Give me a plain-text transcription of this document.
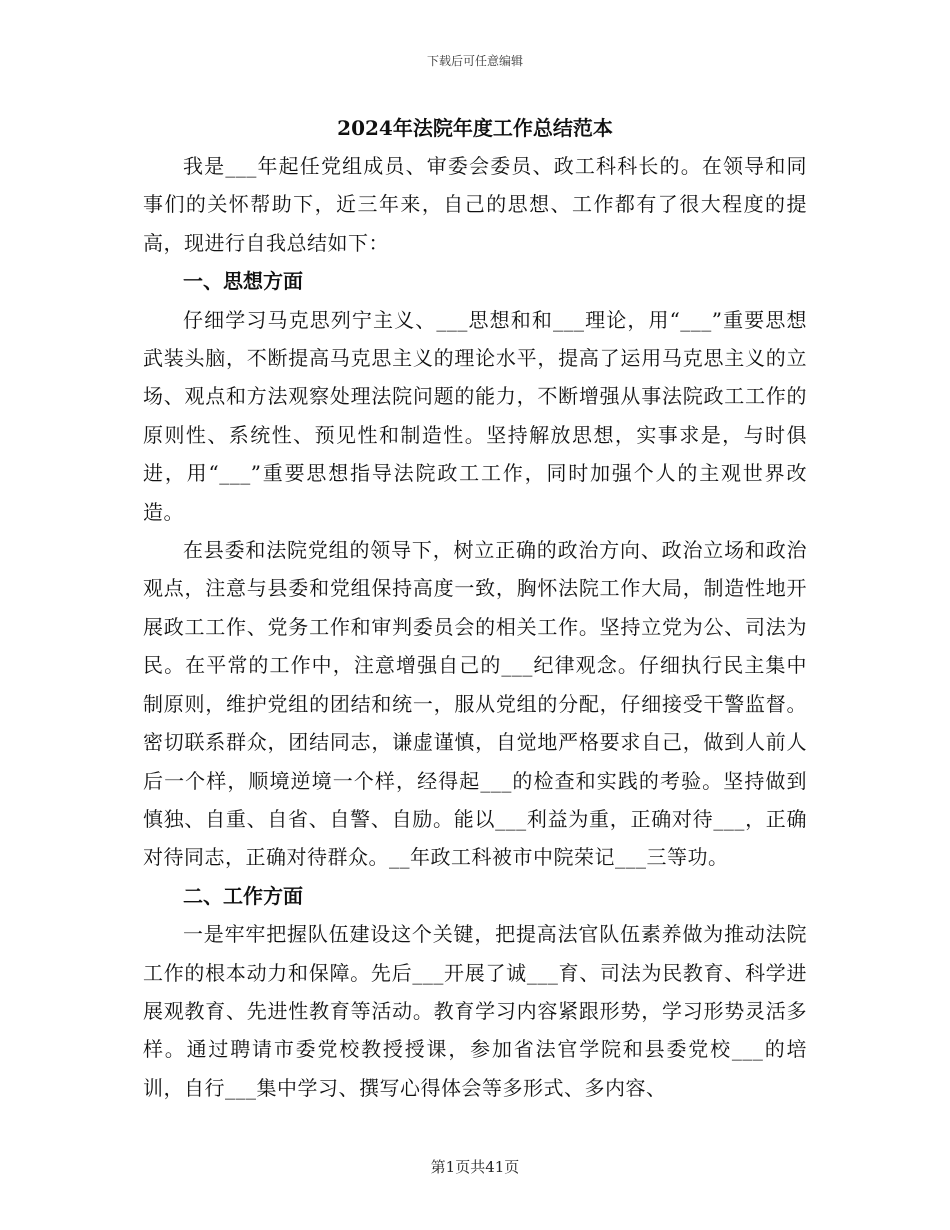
下载后可任意编辑
2024年法院年度工作总结范本

我是___年起任党组成员、审委会委员、政工科科长的。在领导和同事们的关怀帮助下，近三年来，自己的思想、工作都有了很大程度的提高，现进行自我总结如下：

一、思想方面

仔细学习马克思列宁主义、___思想和和___理论，用“___”重要思想武装头脑，不断提高马克思主义的理论水平，提高了运用马克思主义的立场、观点和方法观察处理法院问题的能力，不断增强从事法院政工工作的原则性、系统性、预见性和制造性。坚持解放思想，实事求是，与时俱进，用“___”重要思想指导法院政工工作，同时加强个人的主观世界改造。

在县委和法院党组的领导下，树立正确的政治方向、政治立场和政治观点，注意与县委和党组保持高度一致，胸怀法院工作大局，制造性地开展政工工作、党务工作和审判委员会的相关工作。坚持立党为公、司法为民。在平常的工作中，注意增强自己的___纪律观念。仔细执行民主集中制原则，维护党组的团结和统一，服从党组的分配，仔细接受干警监督。密切联系群众，团结同志，谦虚谨慎，自觉地严格要求自己，做到人前人后一个样，顺境逆境一个样，经得起___的检查和实践的考验。坚持做到慎独、自重、自省、自警、自励。能以___利益为重，正确对待___，正确对待同志，正确对待群众。__年政工科被市中院荣记___三等功。

二、工作方面

一是牢牢把握队伍建设这个关键，把提高法官队伍素养做为推动法院工作的根本动力和保障。先后___开展了诚___育、司法为民教育、科学进展观教育、先进性教育等活动。教育学习内容紧跟形势，学习形势灵活多样。通过聘请市委党校教授授课，参加省法官学院和县委党校___的培训，自行___集中学习、撰写心得体会等多形式、多内容、

第1页共41页
